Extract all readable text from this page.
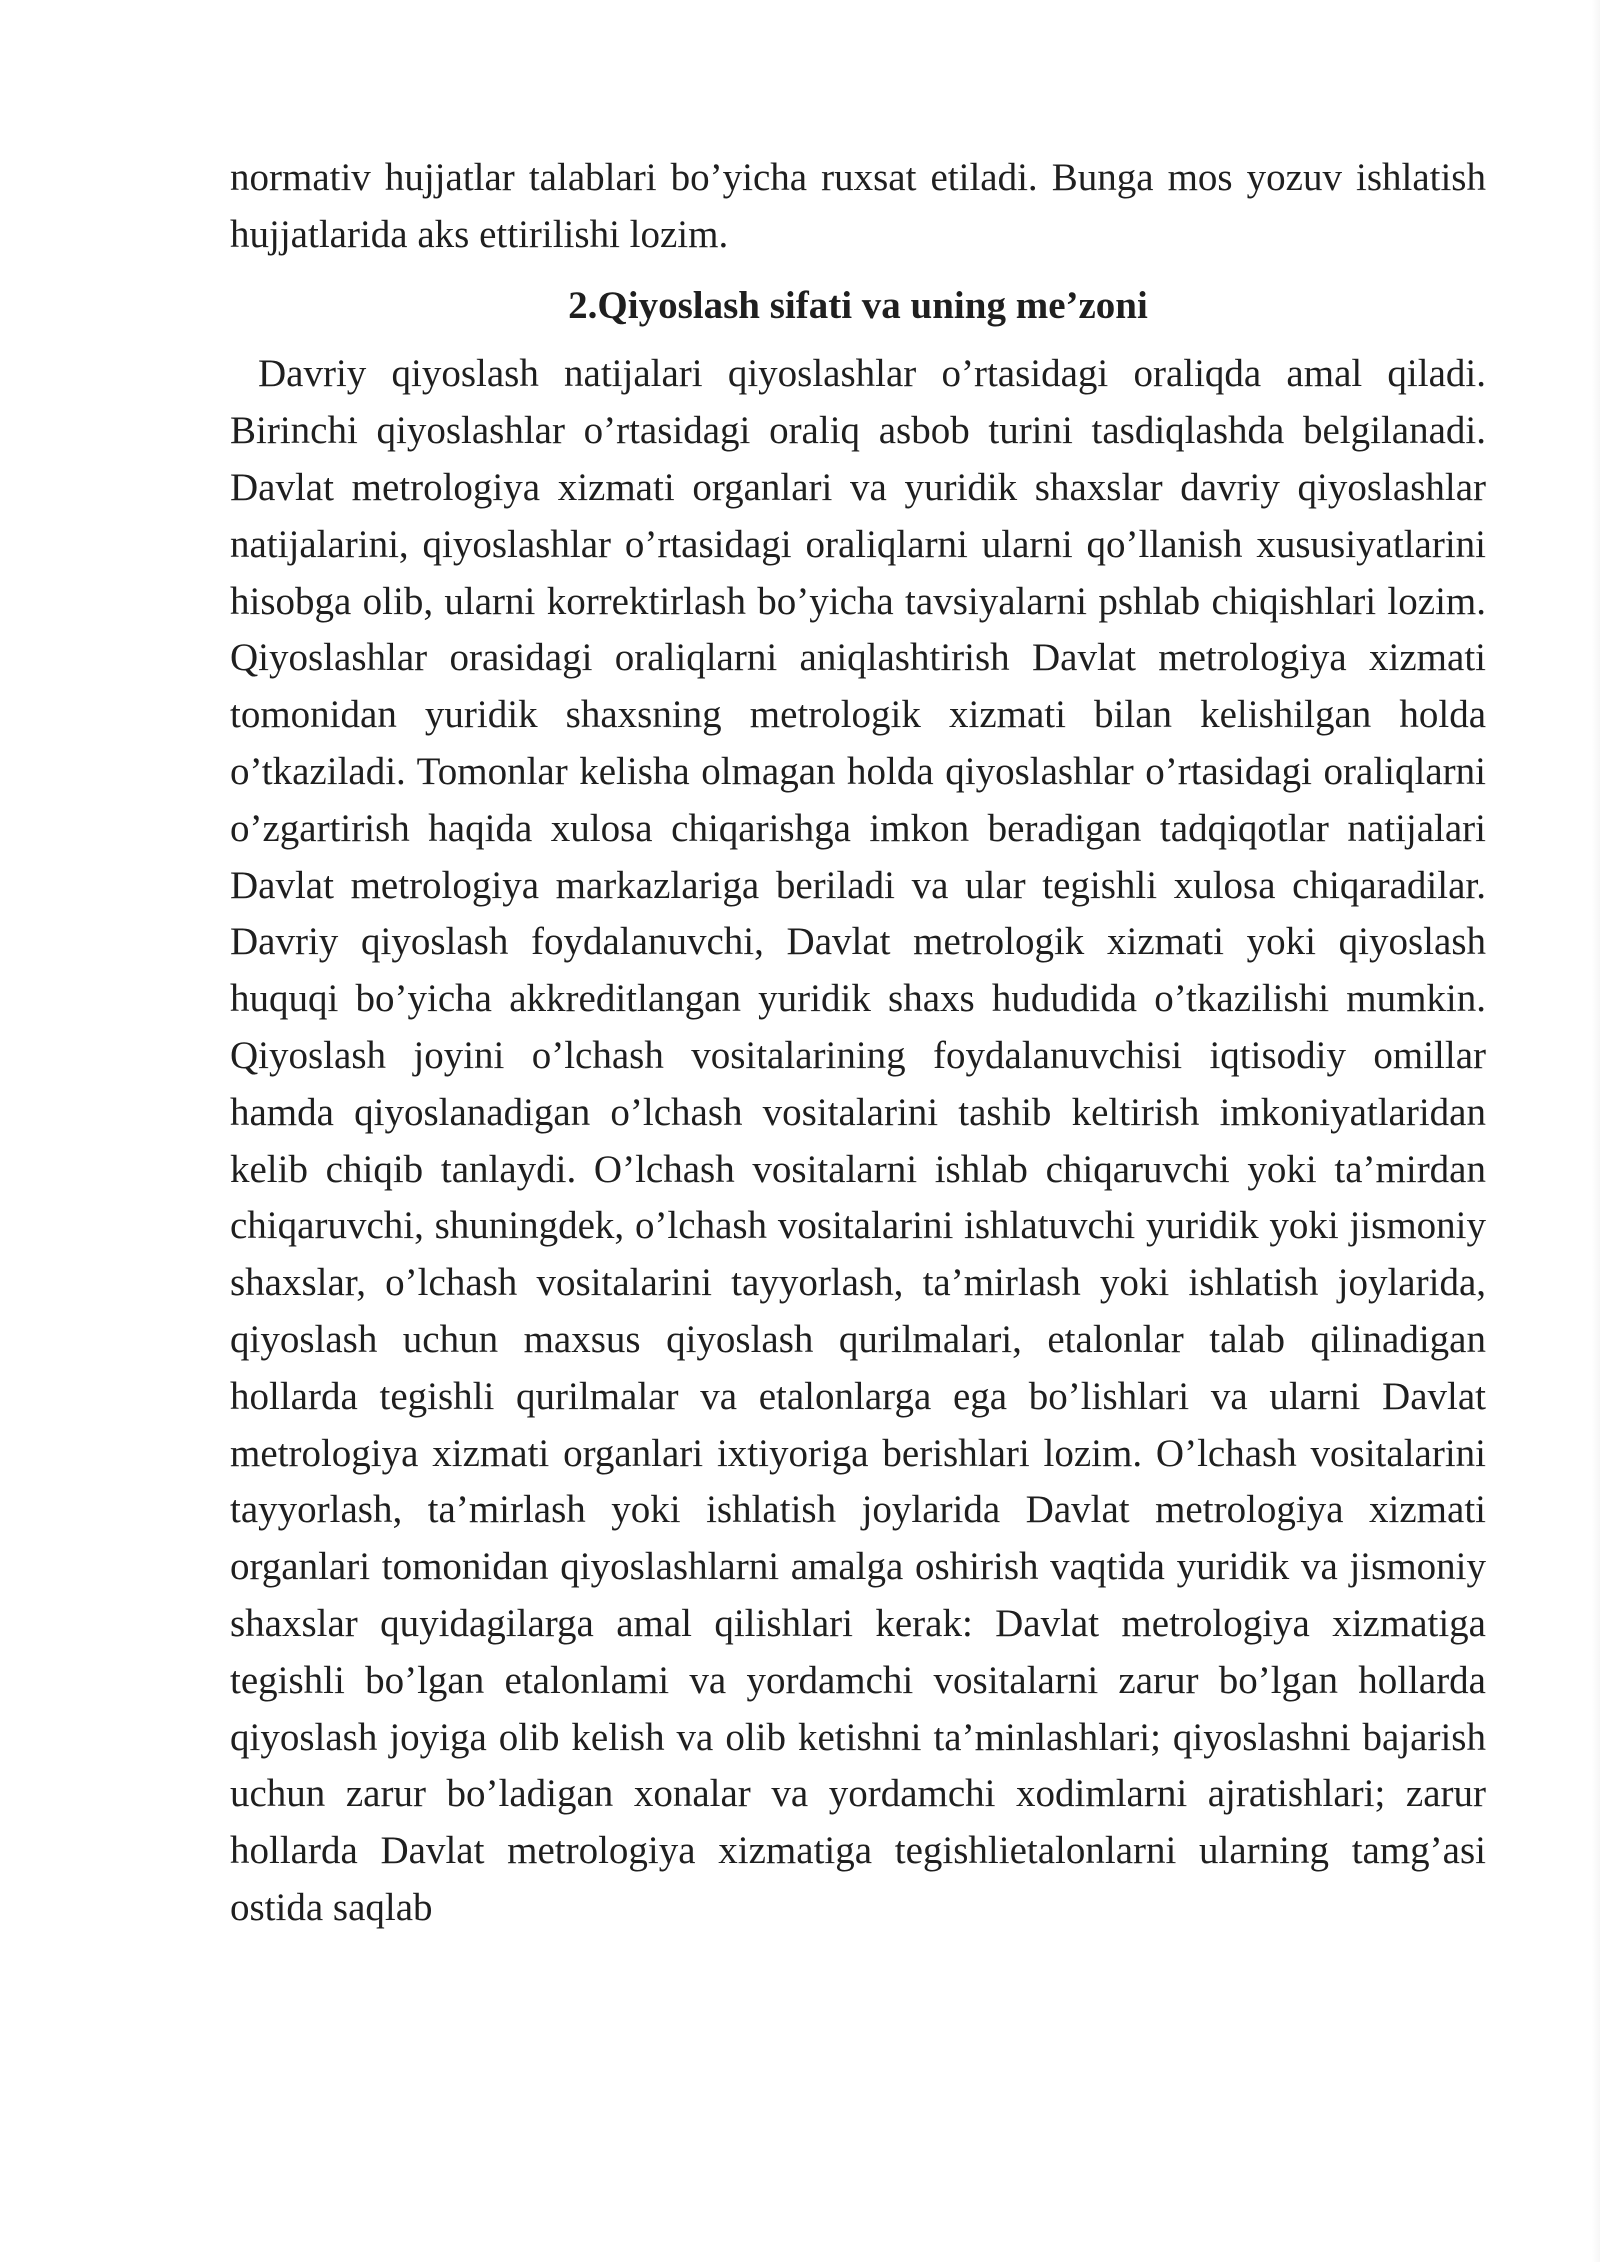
normativ hujjatlar talablari bo’yicha ruxsat etiladi. Bunga mos yozuv ishlatish hujjatlarida aks ettirilishi lozim.

2.Qiyoslash sifati va uning me’zoni

Davriy qiyoslash natijalari qiyoslashlar o’rtasidagi oraliqda amal qiladi. Birinchi qiyoslashlar o’rtasidagi oraliq asbob turini tasdiqlashda belgilanadi. Davlat metrologiya xizmati organlari va yuridik shaxslar davriy qiyoslashlar natijalarini, qiyoslashlar o’rtasidagi oraliqlarni ularni qo’llanish xususiyatlarini hisobga olib, ularni korrektirlash bo’yicha tavsiyalarni pshlab chiqishlari lozim. Qiyoslashlar orasidagi oraliqlarni aniqlashtirish Davlat metrologiya xizmati tomonidan yuridik shaxsning metrologik xizmati bilan kelishilgan holda o’tkaziladi. Tomonlar kelisha olmagan holda qiyoslashlar o’rtasidagi oraliqlarni o’zgartirish haqida xulosa chiqarishga imkon beradigan tadqiqotlar natijalari Davlat metrologiya markazlariga beriladi va ular tegishli xulosa chiqaradilar. Davriy qiyoslash foydalanuvchi, Davlat metrologik xizmati yoki qiyoslash huquqi bo’yicha akkreditlangan yuridik shaxs hududida o’tkazilishi mumkin. Qiyoslash joyini o’lchash vositalarining foydalanuvchisi iqtisodiy omillar hamda qiyoslanadigan o’lchash vositalarini tashib keltirish imkoniyatlaridan kelib chiqib tanlaydi. O’lchash vositalarni ishlab chiqaruvchi yoki ta’mirdan chiqaruvchi, shuningdek, o’lchash vositalarini ishlatuvchi yuridik yoki jismoniy shaxslar, o’lchash vositalarini tayyorlash, ta’mirlash yoki ishlatish joylarida, qiyoslash uchun maxsus qiyoslash qurilmalari, etalonlar talab qilinadigan hollarda tegishli qurilmalar va etalonlarga ega bo’lishlari va ularni Davlat metrologiya xizmati organlari ixtiyoriga berishlari lozim. O’lchash vositalarini tayyorlash, ta’mirlash yoki ishlatish joylarida Davlat metrologiya xizmati organlari tomonidan qiyoslashlarni amalga oshirish vaqtida yuridik va jismoniy shaxslar quyidagilarga amal qilishlari kerak: Davlat metrologiya xizmatiga tegishli bo’lgan etalonlami va yordamchi vositalarni zarur bo’lgan hollarda qiyoslash joyiga olib kelish va olib ketishni ta’minlashlari; qiyoslashni bajarish uchun zarur bo’ladigan xonalar va yordamchi xodimlarni ajratishlari; zarur hollarda Davlat metrologiya xizmatiga tegishlietalonlarni ularning tamg’asi ostida saqlab
